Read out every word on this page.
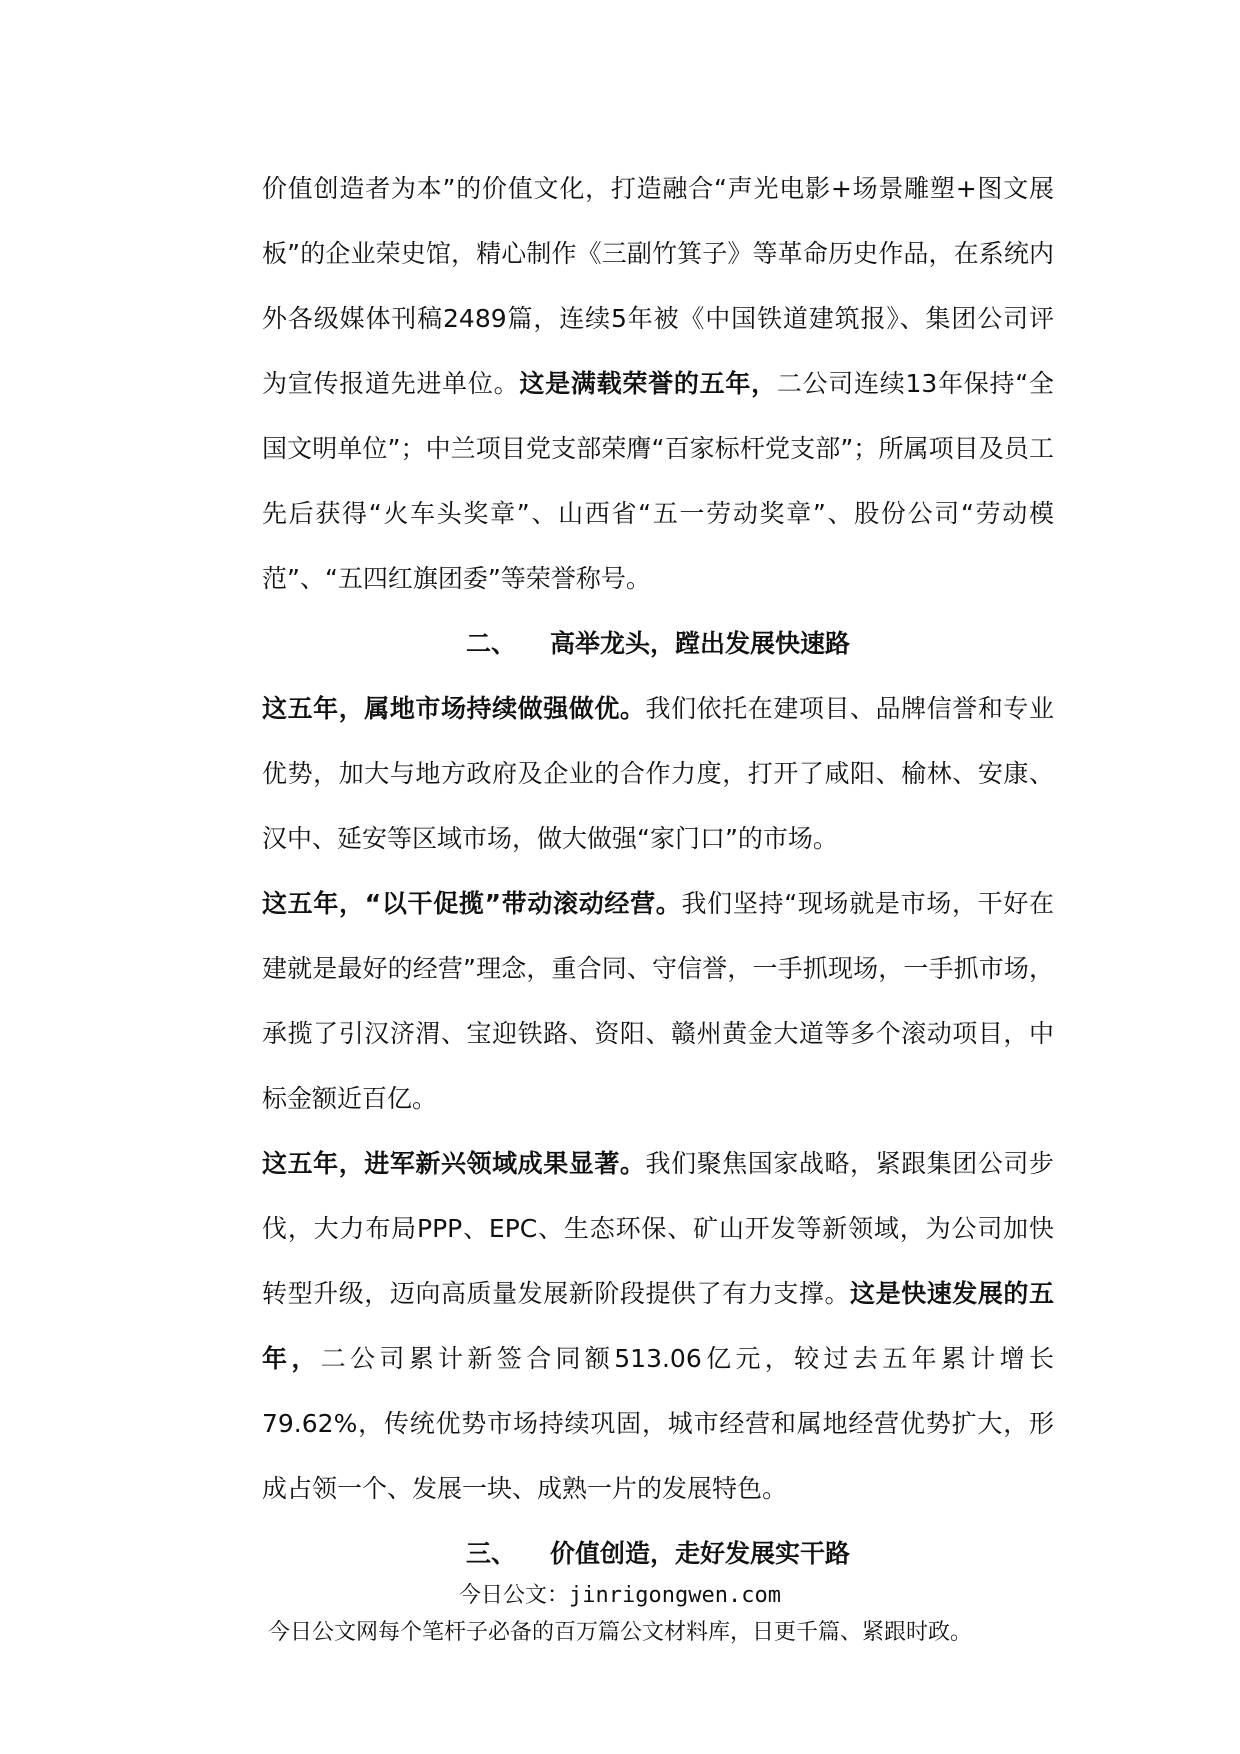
价值创造者为本”的价值文化，打造融合“声光电影+场景雕塑+图文展板”的企业荣史馆，精心制作《三副竹箕子》等革命历史作品，在系统内外各级媒体刊稿2489篇，连续5年被《中国铁道建筑报》、集团公司评为宣传报道先进单位。这是满载荣誉的五年，二公司连续13年保持“全国文明单位”；中兰项目党支部荣膺“百家标杆党支部”；所属项目及员工先后获得“火车头奖章”、山西省“五一劳动奖章”、股份公司“劳动模范”、“五四红旗团委”等荣誉称号。

二、 高举龙头，蹚出发展快速路

这五年，属地市场持续做强做优。我们依托在建项目、品牌信誉和专业优势，加大与地方政府及企业的合作力度，打开了咸阳、榆林、安康、汉中、延安等区域市场，做大做强“家门口”的市场。

这五年，“以干促揽”带动滚动经营。我们坚持“现场就是市场，干好在建就是最好的经营”理念，重合同、守信誉，一手抓现场，一手抓市场，承揽了引汉济渭、宝迎铁路、资阳、赣州黄金大道等多个滚动项目，中标金额近百亿。

这五年，进军新兴领域成果显著。我们聚焦国家战略，紧跟集团公司步伐，大力布局PPP、EPC、生态环保、矿山开发等新领域，为公司加快转型升级，迈向高质量发展新阶段提供了有力支撑。这是快速发展的五年，二公司累计新签合同额513.06亿元，较过去五年累计增长79.62%，传统优势市场持续巩固，城市经营和属地经营优势扩大，形成占领一个、发展一块、成熟一片的发展特色。

三、 价值创造，走好发展实干路

今日公文：jinrigongwen.com
今日公文网每个笔杆子必备的百万篇公文材料库，日更千篇、紧跟时政。
